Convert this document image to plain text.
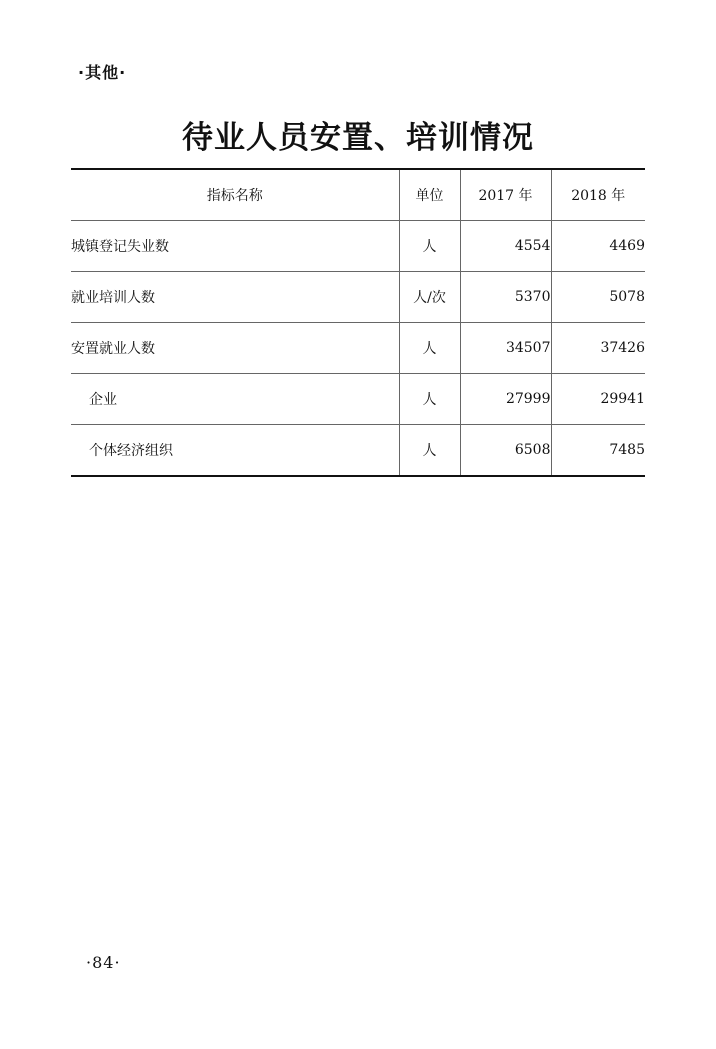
·其他·
待业人员安置、培训情况
指标名称	单位	2017 年	2018 年
城镇登记失业数	人	4554	4469
就业培训人数	人/次	5370	5078
安置就业人数	人	34507	37426
企业	人	27999	29941
个体经济组织	人	6508	7485
·84·
